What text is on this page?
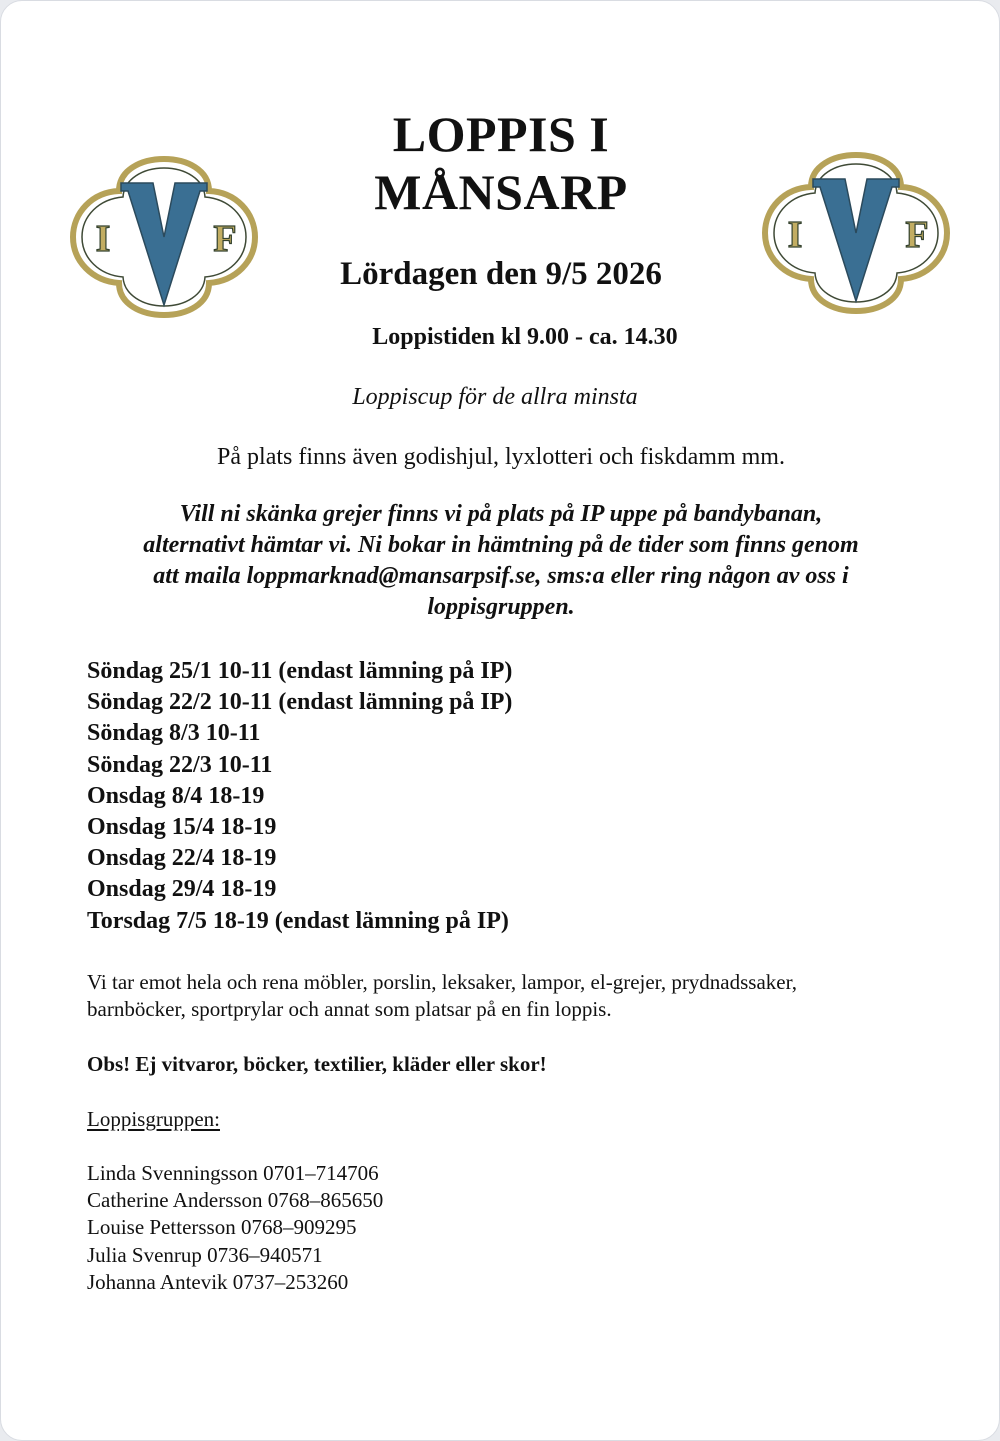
I	F	I	F
LOPPIS I
MÅNSARP

Lördagen den 9/5 2026

Loppistiden kl 9.00 - ca. 14.30

Loppiscup för de allra minsta

På plats finns även godishjul, lyxlotteri och fiskdamm mm.

Vill ni skänka grejer finns vi på plats på IP uppe på bandybanan,
alternativt hämtar vi. Ni bokar in hämtning på de tider som finns genom
att maila loppmarknad@mansarpsif.se, sms:a eller ring någon av oss i
loppisgruppen.

Söndag 25/1 10-11 (endast lämning på IP)
Söndag 22/2 10-11 (endast lämning på IP)
Söndag 8/3 10-11
Söndag 22/3 10-11
Onsdag 8/4 18-19
Onsdag 15/4 18-19
Onsdag 22/4 18-19
Onsdag 29/4 18-19
Torsdag 7/5 18-19 (endast lämning på IP)

Vi tar emot hela och rena möbler, porslin, leksaker, lampor, el-grejer, prydnadssaker,
barnböcker, sportprylar och annat som platsar på en fin loppis.

Obs! Ej vitvaror, böcker, textilier, kläder eller skor!

Loppisgruppen:

Linda Svenningsson 0701–714706
Catherine Andersson 0768–865650
Louise Pettersson 0768–909295
Julia Svenrup 0736–940571
Johanna Antevik 0737–253260
